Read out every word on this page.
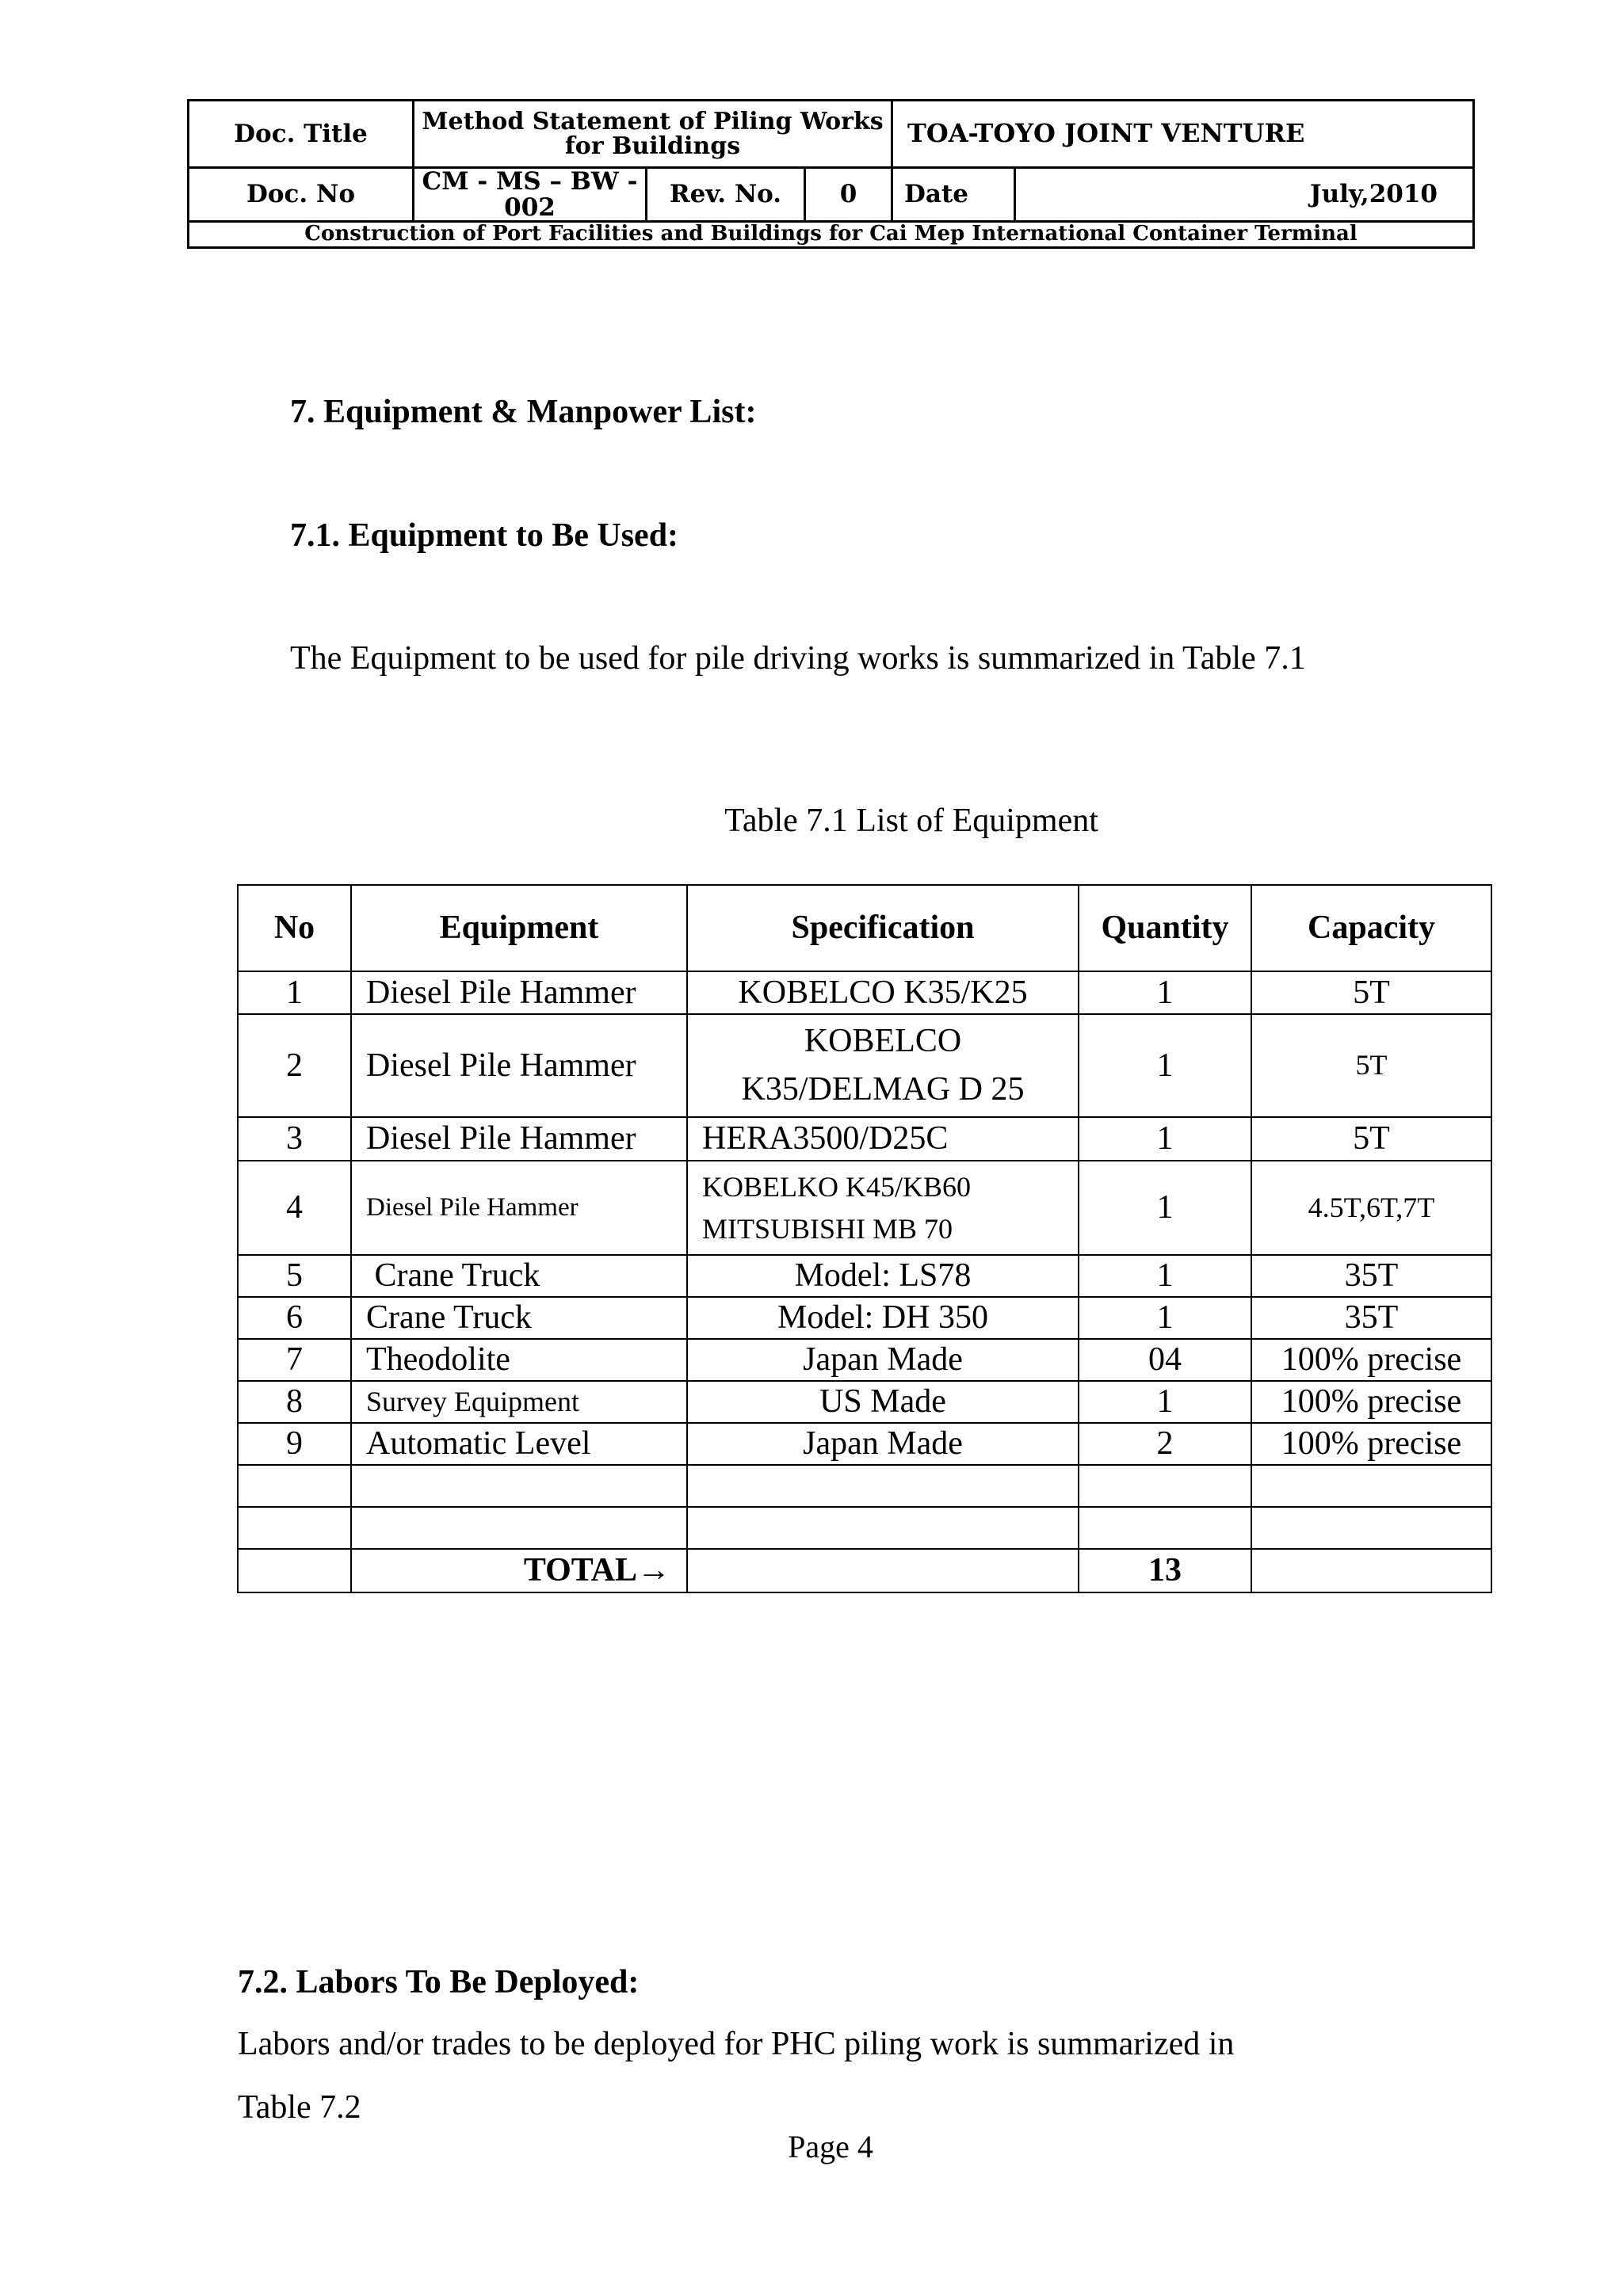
Doc. Title	Method Statement of Piling Works for Buildings			TOA-TOYO JOINT VENTURE	
Doc. No	CM - MS – BW - 002	Rev. No.	0	Date	July,2010
Construction of Port Facilities and Buildings for Cai Mep International Container Terminal					
7. Equipment & Manpower List:
7.1. Equipment to Be Used:
The Equipment to be used for pile driving works is summarized in Table 7.1
Table 7.1 List of Equipment
No	Equipment	Specification	Quantity	Capacity
1	Diesel Pile Hammer	KOBELCO K35/K25	1	5T
2	Diesel Pile Hammer	KOBELCO
K35/DELMAG D 25	1	5T
3	Diesel Pile Hammer	HERA3500/D25C	1	5T
4	Diesel Pile Hammer	KOBELKO K45/KB60
MITSUBISHI MB 70	1	4.5T,6T,7T
5	Crane Truck	Model: LS78	1	35T
6	Crane Truck	Model: DH 350	1	35T
7	Theodolite	Japan Made	04	100% precise
8	Survey Equipment	US Made	1	100% precise
9	Automatic Level	Japan Made	2	100% precise

	TOTAL→		13	
7.2. Labors To Be Deployed:
Labors and/or trades to be deployed for PHC piling work is summarized in
Table 7.2
Page 4
